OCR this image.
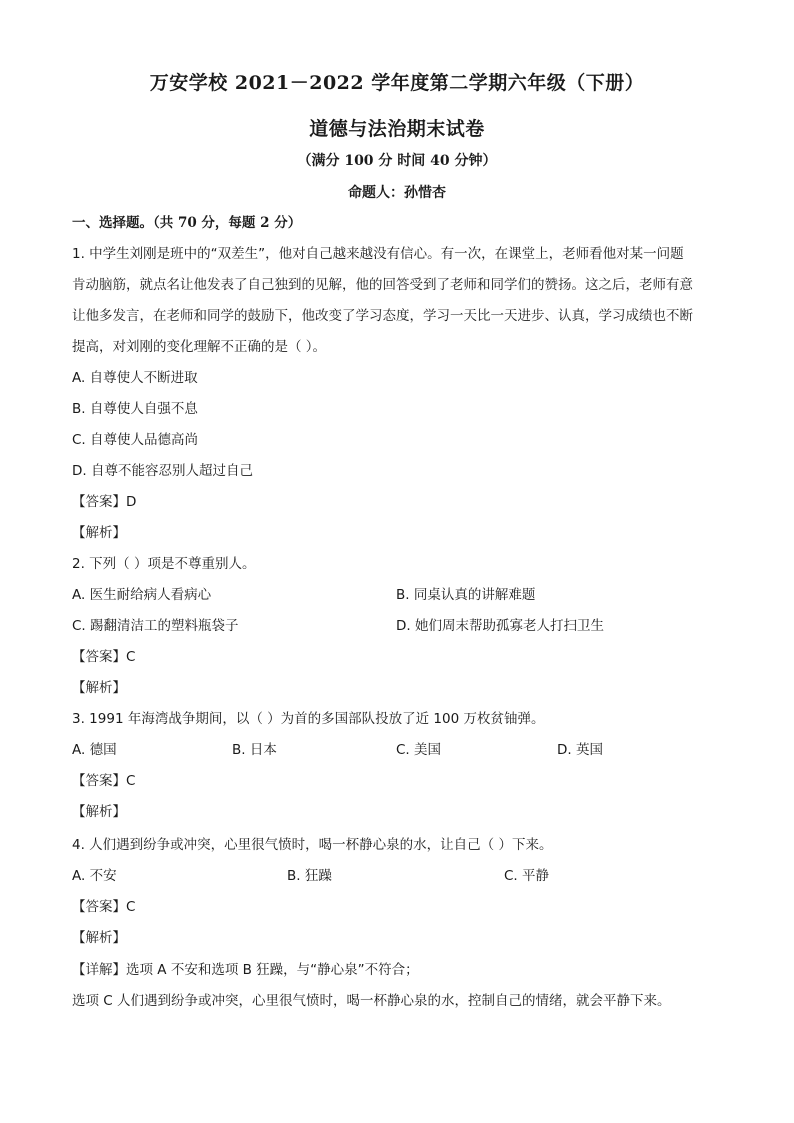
万安学校 2021－2022 学年度第二学期六年级（下册）
道德与法治期末试卷
（满分 100 分 时间 40 分钟）
命题人：孙惜杏
一、选择题。（共 70 分，每题 2 分）
1. 中学生刘刚是班中的“双差生”，他对自己越来越没有信心。有一次，在课堂上，老师看他对某一问题
肯动脑筋，就点名让他发表了自己独到的见解，他的回答受到了老师和同学们的赞扬。这之后，老师有意
让他多发言，在老师和同学的鼓励下，他改变了学习态度，学习一天比一天进步、认真，学习成绩也不断
提高，对刘刚的变化理解不正确的是（ ）。
A. 自尊使人不断进取
B. 自尊使人自强不息
C. 自尊使人品德高尚
D. 自尊不能容忍别人超过自己
【答案】D
【解析】
2. 下列（ ）项是不尊重别人。
A. 医生耐给病人看病心	B. 同桌认真的讲解难题
C. 踢翻清洁工的塑料瓶袋子	D. 她们周末帮助孤寡老人打扫卫生
【答案】C
【解析】
3. 1991 年海湾战争期间，以（ ）为首的多国部队投放了近 100 万枚贫铀弹。
A. 德国	B. 日本	C. 美国	D. 英国
【答案】C
【解析】
4. 人们遇到纷争或冲突，心里很气愤时，喝一杯静心泉的水，让自己（ ）下来。
A. 不安	B. 狂躁	C. 平静
【答案】C
【解析】
【详解】选项 A 不安和选项 B 狂躁，与“静心泉”不符合；
选项 C 人们遇到纷争或冲突，心里很气愤时，喝一杯静心泉的水，控制自己的情绪，就会平静下来。
